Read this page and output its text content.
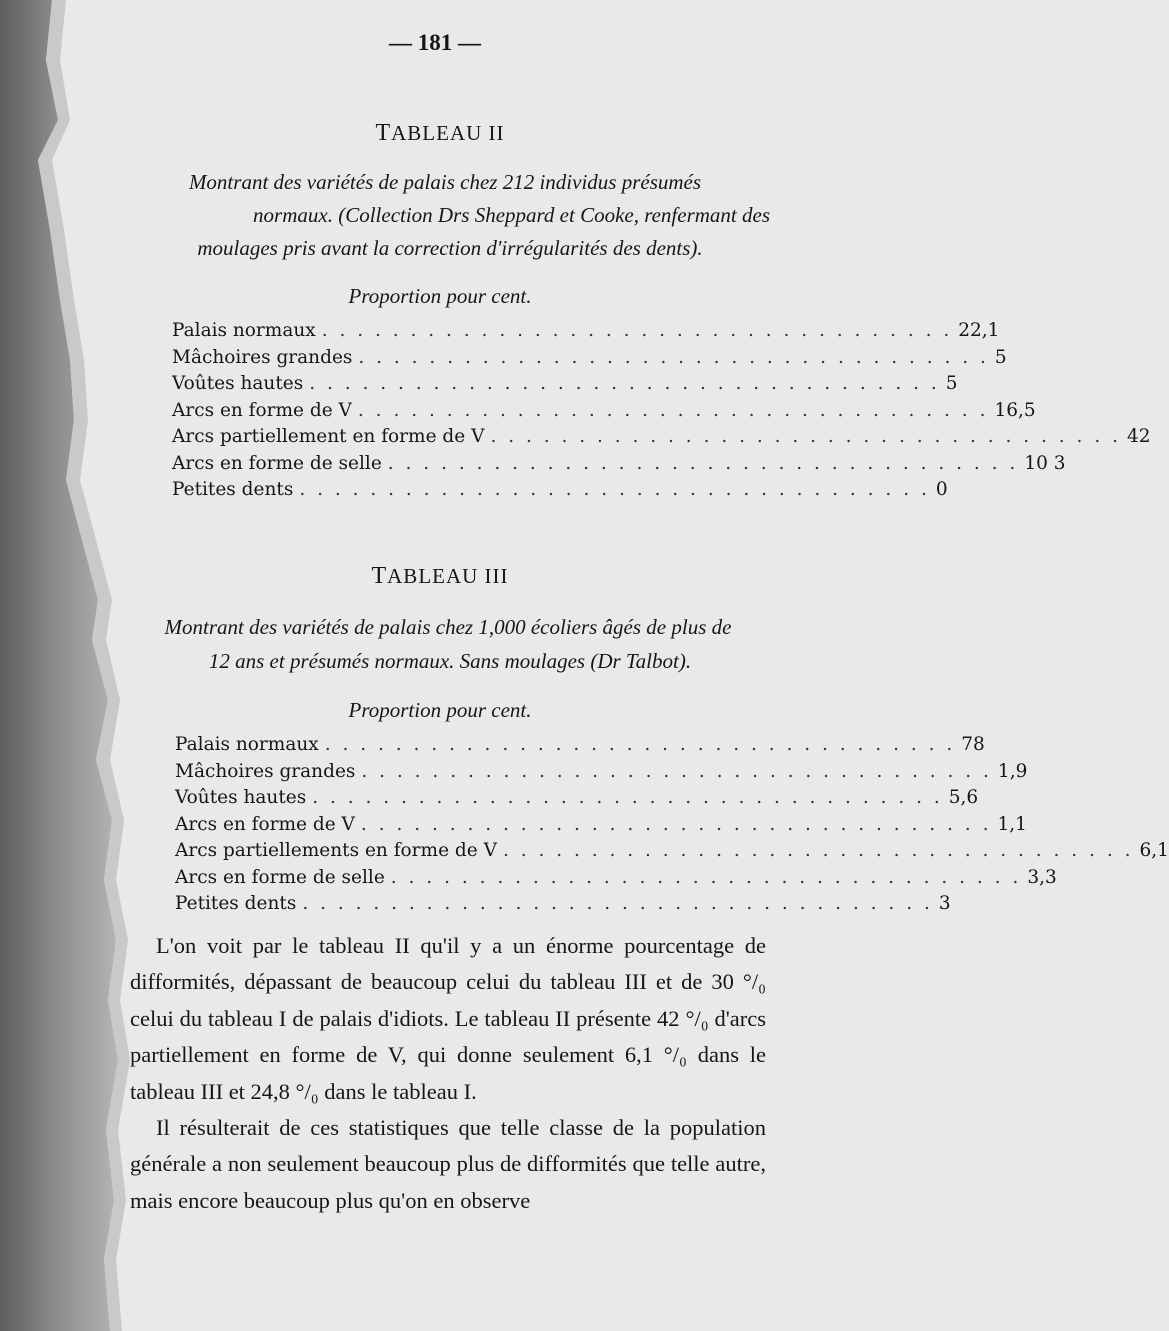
— 181 —
TABLEAU II
Montrant des variétés de palais chez 212 individus présumés
normaux. (Collection Drs Sheppard et Cooke, renfermant des
moulages pris avant la correction d'irrégularités des dents).
Proportion pour cent.
Palais normaux . . . . . . . . . . . . . . . . . . . . . . . . . . . . . . . . . . . . 22,1
Mâchoires grandes . . . . . . . . . . . . . . . . . . . . . . . . . . . . . . . . . . . . 5
Voûtes hautes . . . . . . . . . . . . . . . . . . . . . . . . . . . . . . . . . . . . 5
Arcs en forme de V . . . . . . . . . . . . . . . . . . . . . . . . . . . . . . . . . . . . 16,5
Arcs partiellement en forme de V . . . . . . . . . . . . . . . . . . . . . . . . . . . . . . . . . . . . 42
Arcs en forme de selle . . . . . . . . . . . . . . . . . . . . . . . . . . . . . . . . . . . . 10 3
Petites dents . . . . . . . . . . . . . . . . . . . . . . . . . . . . . . . . . . . . 0
TABLEAU III
Montrant des variétés de palais chez 1,000 écoliers âgés de plus de
12 ans et présumés normaux. Sans moulages (Dr Talbot).
Proportion pour cent.
Palais normaux . . . . . . . . . . . . . . . . . . . . . . . . . . . . . . . . . . . . 78
Mâchoires grandes . . . . . . . . . . . . . . . . . . . . . . . . . . . . . . . . . . . . 1,9
Voûtes hautes . . . . . . . . . . . . . . . . . . . . . . . . . . . . . . . . . . . . 5,6
Arcs en forme de V . . . . . . . . . . . . . . . . . . . . . . . . . . . . . . . . . . . . 1,1
Arcs partiellements en forme de V . . . . . . . . . . . . . . . . . . . . . . . . . . . . . . . . . . . . 6,1
Arcs en forme de selle . . . . . . . . . . . . . . . . . . . . . . . . . . . . . . . . . . . . 3,3
Petites dents . . . . . . . . . . . . . . . . . . . . . . . . . . . . . . . . . . . . 3

L'on voit par le tableau II qu'il y a un énorme pourcentage de difformités, dépassant de beaucoup celui du tableau III et de 30 °/₀ celui du tableau I de palais d'idiots. Le tableau II présente 42 °/₀ d'arcs partiellement en forme de V, qui donne seulement 6,1 °/₀ dans le tableau III et 24,8 °/₀ dans le tableau I.

Il résulterait de ces statistiques que telle classe de la population générale a non seulement beaucoup plus de difformités que telle autre, mais encore beaucoup plus qu'on en observe
